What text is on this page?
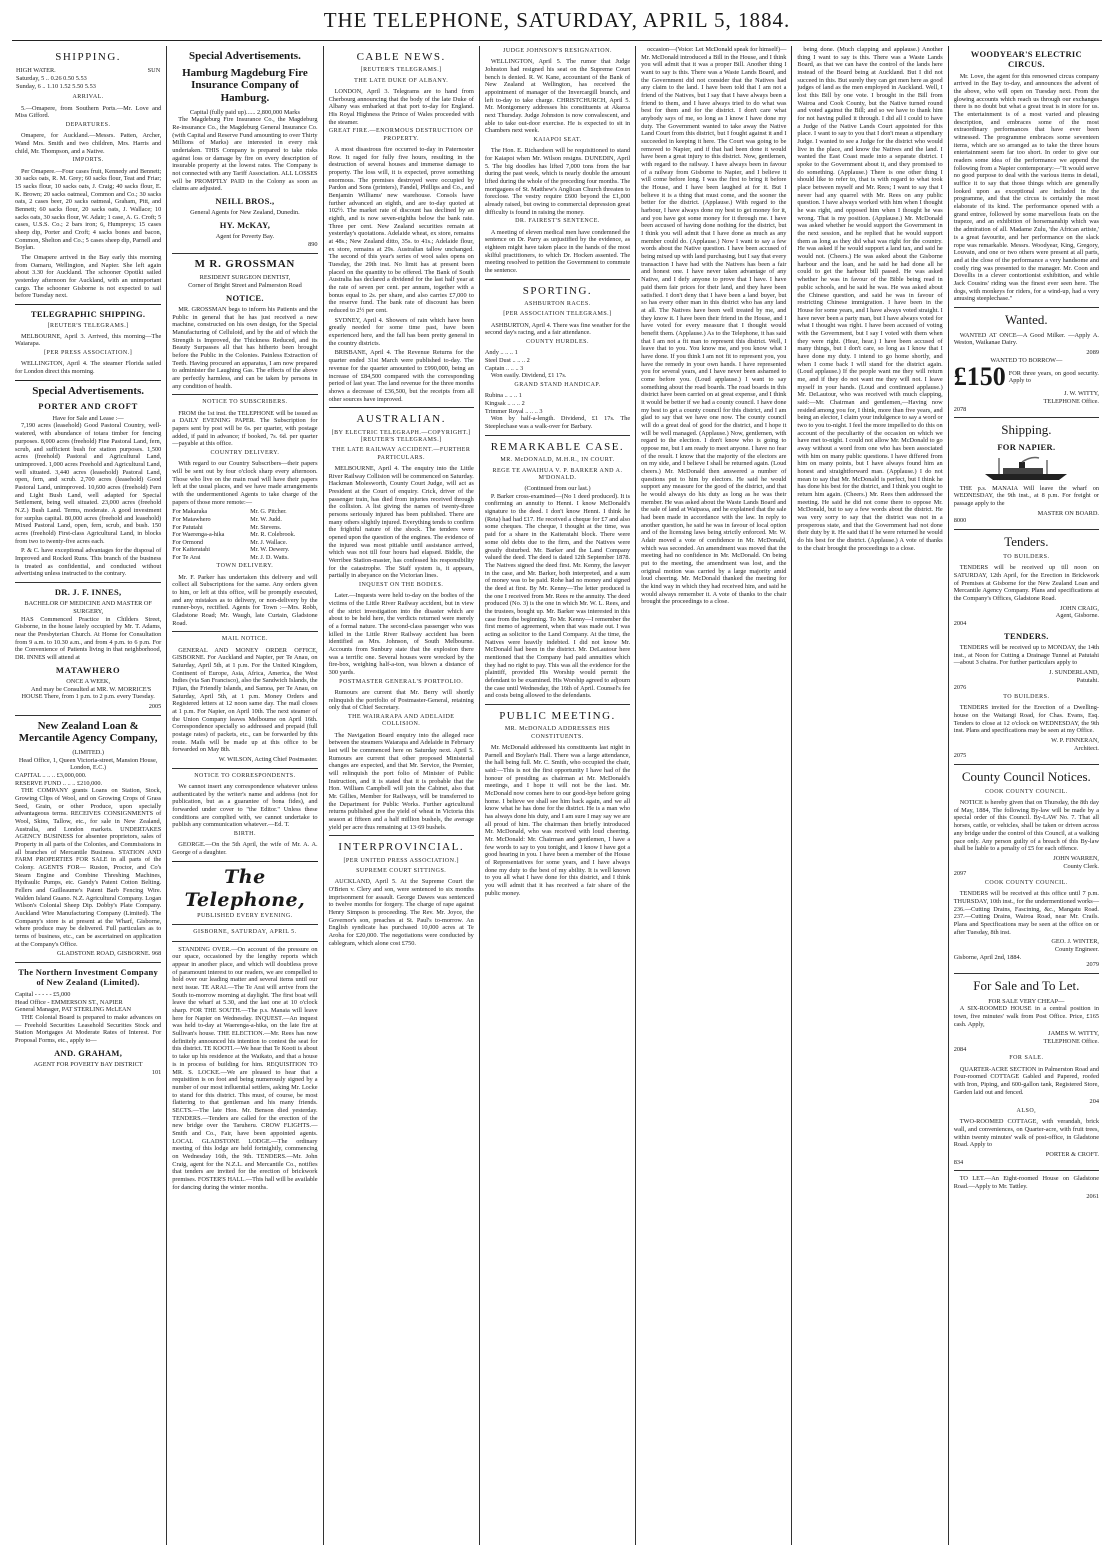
THE TELEPHONE, SATURDAY, APRIL 5, 1884.
SHIPPING.
HIGH WATER.	SUN
Saturday, 5 .. 0.26 0.50 5.53
Sunday, 6 .. 1.10 1.52 5.50 5.53
ARRIVAL.

5.—Omapere, from Southern Ports.—Mr. Love and Miss Gifford.

DEPARTURES.

Omapere, for Auckland.—Messrs. Patten, Archer, Wand Mrs. Smith and two children, Mrs. Harris and child, Mr. Thompson, and a Native.

IMPORTS.

Per Omapere.—Four cases fruit, Kennedy and Bennett; 30 sacks oats, R. M. Grey; 60 sacks flour, Teat and Friar; 15 sacks flour, 10 sacks oats, J. Craig; 40 sacks flour, E. K. Brown; 20 sacks oatmeal, Common and Co.; 30 sacks oats, 2 cases beer, 20 sacks oatmeal, Graham, Pitt, and Bennett; 60 sacks flour, 20 sacks oats, J. Wallace; 10 sacks oats, 30 sacks flour, W. Adair; 1 case, A. G. Croft; 5 cases, U.S.S. Co.; 2 bars iron; 6, Humpreys; 15 cases sheep dip, Porter and Croft; 4 sacks bones and bacon, Common, Shelton and Co.; 5 cases sheep dip, Parnell and Boylan.

The Omapere arrived in the Bay early this morning from Oamaru, Wellington, and Napier. She left again about 3.30 for Auckland. The schooner Opotiki sailed yesterday afternoon for Auckland, with an unimportant cargo. The schooner Gisborne is not expected to sail before Tuesday next.

TELEGRAPHIC SHIPPING.
[REUTER'S TELEGRAMS.]

MELBOURNE, April 3. Arrived, this morning—The Waiarapa.

[PER PRESS ASSOCIATION.]

WELLINGTON, April 4. The steamer Florida sailed for London direct this morning.

Special Advertisements.
PORTER AND CROFT
Have for Sale and Lease :—

7,190 acres (leasehold) Good Pastoral Country, well-watered, with abundance of totara timber for fencing purposes. 8,000 acres (freehold) Fine Pastoral Land, fern, scrub, and sufficient bush for station purposes. 1,500 acres (freehold) Pastoral and Agricultural Land, unimproved. 1,000 acres Freehold and Agricultural Land, well situated. 3,440 acres (leasehold) Pastoral Land, open, fern, and scrub. 2,700 acres (leasehold) Good Pastoral Land, unimproved. 10,600 acres (freehold) Fern and Light Bush Land, well adapted for Special Settlement, being well situated. 23,000 acres (freehold N.Z.) Bush Land. Terms, moderate. A good investment for surplus capital. 80,000 acres (freehold and leasehold) Mixed Pastoral Land, open, fern, scrub, and bush. 150 acres (freehold) First-class Agricultural Land, in blocks from two to twenty-five acres each.

P. & C. have exceptional advantages for the disposal of Improved and Rocked Runs. This branch of the business is treated as confidential, and conducted without advertising unless instructed to the contrary.

DR. J. F. INNES,
BACHELOR OF MEDICINE AND MASTER OF SURGERY,

HAS Commenced Practice in Childers Street, Gisborne, in the house lately occupied by Mr. T. Adams, near the Presbyterian Church. At Home for Consultation from 9 a.m. to 10.30 a.m., and from 4 p.m. to 6 p.m. For the Convenience of Patients living in that neighborhood, DR. INNES will attend at

MATAWHERO
ONCE A WEEK,

And may be Consulted at MR. W. MORRICE'S HOUSE There, from 1 p.m. to 2 p.m. every Tuesday.

2005
New Zealand Loan & Mercantile Agency Company,
(LIMITED.)
Head Office, 1, Queen Victoria-street, Mansion House, London, E.C.)
CAPITAL .. .. .. £3,000,000.
RESERVE FUND .. .. .. £210,000.

THE COMPANY grants Loans on Station, Stock, Growing Clips of Wool, and on Growing Crops of Grass Seed, Grain, or other Produce, upon specially advantageous terms. RECEIVES CONSIGNMENTS of Wool, Skins, Tallow, etc., for sale in New Zealand, Australia, and London markets. UNDERTAKES AGENCY BUSINESS for absentee proprietors, sales of Property in all parts of the Colonies, and Commissions in all branches of Mercantile Business. STATION AND FARM PROPERTIES FOR SALE in all parts of the Colony. AGENTS FOR— Ruston, Proctor, and Co's Steam Engine and Combine Threshing Machines, Hydraulic Pumps, etc. Gandy's Patent Cotton Belting. Fellers and Guilleaume's Patent Barb Fencing Wire. Walden Island Guano. N.Z. Agricultural Company. Logan Wilson's Colonial Sheep Dip. Dobby's Plate Company. Auckland Wire Manufacturing Company (Limited). The Company's store is at present at the Wharf, Gisborne, where produce may be delivered. Full particulars as to terms of business, etc., can be ascertained on application at the Company's Office.

GLADSTONE ROAD, GISBORNE. 968
The Northern Investment Company of New Zealand (Limited).
Capital - - - - - £5,000
Head Office - EMMERSON ST., NAPIER
General Manager, PAT STERLING McLEAN

THE Colonial Board is prepared to make advances on— Freehold Securities Leasehold Securities Stock and Station Mortgages At Moderate Rates of Interest. For Proposal Forms, etc., apply to—

AND. GRAHAM,
AGENT FOR POVERTY BAY DISTRICT
101
Special Advertisements.
Hamburg Magdeburg Fire Insurance Company of Hamburg.
Capital (fully paid up)...... 2,800,000 Marks

The Magdeburg Fire Insurance Co., the Magdeburg Re-insurance Co., the Magdeburg General Insurance Co. (with Capital and Reserve Fund amounting to over Thirty Millions of Marks) are interested in every risk undertaken. THIS Company is prepared to take risks against loss or damage by fire on every description of insurable property at the lowest rates. The Company is not connected with any Tariff Association. ALL LOSSES will be PROMPTLY PAID in the Colony as soon as claims are adjusted.

NEILL BROS.,
General Agents for New Zealand, Dunedin.
HY. McKAY,
Agent for Poverty Bay.
890
M R. GROSSMAN
RESIDENT SURGEON DENTIST,
Corner of Bright Street and Palmerston Road
NOTICE.

MR. GROSSMAN begs to inform his Patients and the Public in general that he has just received a new machine, constructed on his own design, for the Special Manufacturing of Celluloid, and by the aid of which the Strength is Improved, the Thickness Reduced, and its Beauty Surpasses all that has hitherto been brought before the Public in the Colonies. Painless Extraction of Teeth. Having procured an apparatus, I am now prepared to administer the Laughing Gas. The effects of the above are perfectly harmless, and can be taken by persons in any condition of health.

NOTICE TO SUBSCRIBERS.

FROM the 1st inst. the TELEPHONE will be issued as a DAILY EVENING PAPER. The Subscription for papers sent by post will be 6s. per quarter, with postage added, if paid in advance; if booked, 7s. 6d. per quarter—payable at this office.

COUNTRY DELIVERY.

With regard to our Country Subscribers—their papers will be sent out by four o'clock sharp every afternoon. Those who live on the main road will have their papers left at the usual places, and we have made arrangements with the undermentioned Agents to take charge of the papers of those more remote:—

For Makaraka	Mr. G. Pitcher.
For Matawhero	Mr. W. Judd.
For Patutahi	Mr. Stevens.
For Waerenga-a-hika	Mr. R. Colebrook.
For Ormond	Mr. J. Wallace.
For Kaiteratahi	Mr. W. Dewery.
For Te Arai	Mr. J. D. Watts.
TOWN DELIVERY.

Mr. F. Parker has undertaken this delivery and will collect all Subscriptions for the same. Any orders given to him, or left at this office, will be promptly executed, and any mistakes as to delivery, or non-delivery by the runner-boys, rectified. Agents for Town :—Mrs. Robb, Gladstone Road; Mr. Waugh, late Curtain, Gladstone Road.

MAIL NOTICE.

GENERAL AND MONEY ORDER OFFICE, GISBORNE. For Auckland and Napier, per Te Anau, on Saturday, April 5th, at 1 p.m. For the United Kingdom, Continent of Europe, Asia, Africa, America, the West Indies (via San Francisco), also the Sandwich Islands, the Fijian, the Friendly Islands, and Samoa, per Te Anau, on Saturday, April 5th, at 1 p.m. Money Orders and Registered letters at 12 noon same day. The mail closes at 1 p.m. For Napier, on April 10th. The next steamer of the Union Company leaves Melbourne on April 16th. Correspondence specially so addressed and prepaid (full postage rates) of packets, etc., can be forwarded by this route. Mails will be made up at this office to be forwarded on May 8th.

W. WILSON, Acting Chief Postmaster.
NOTICE TO CORRESPONDENTS.

We cannot insert any correspondence whatever unless authenticated by the writer's name and address (not for publication, but as a guarantee of bona fides), and forwarded under cover to "the Editor." Unless these conditions are complied with, we cannot undertake to publish any communication whatever.—Ed. T.

BIRTH.

GEORGE.—On the 5th April, the wife of Mr. A. A. George of a daughter.

The Telephone,
PUBLISHED EVERY EVENING.
GISBORNE, SATURDAY, APRIL 5.

STANDING OVER.—On account of the pressure on our space, occasioned by the lengthy reports which appear in another place, and which will doubtless prove of paramount interest to our readers, we are compelled to hold over our leading matter and several items until our next issue. TE ARAI.—The Te Arai will arrive from the South to-morrow morning at daylight. The first boat will leave the wharf at 5.30, and the last one at 10 o'clock sharp. FOR THE SOUTH.—The p.s. Manaia will leave here for Napier on Wednesday. INQUEST.—An inquest was held to-day at Waerenga-a-hika, on the late fire at Sullivan's house. THE ELECTION.—Mr. Rees has now definitely announced his intention to contest the seat for this district. TE KOOTI.—We hear that Te Kooti is about to take up his residence at the Waikato, and that a house is in process of building for him. REQUISITION TO MR. S. LOCKE.—We are pleased to hear that a requisition is on foot and being numerously signed by a number of our most influential settlers, asking Mr. Locke to stand for this district. This must, of course, be most flattering to that gentleman and his many friends. SECTS.—The late Hon. Mr. Benson died yesterday. TENDERS.—Tenders are called for the erection of the new bridge over the Taruheru. CROW FLIGHTS.—Smith and Co., Fair, have been appointed agents. LOCAL GLADSTONE LODGE.—The ordinary meeting of this lodge are held fortnightly, commencing on Wednesday 16th, the 9th. TENDERS.—Mr. John Craig, agent for the N.Z.L. and Mercantile Co., notifies that tenders are invited for the erection of brickwork premises. FOSTER'S HALL.—This hall will be available for dancing during the winter months.

CABLE NEWS.
[REUTER'S TELEGRAMS.]
THE LATE DUKE OF ALBANY.

LONDON, April 3. Telegrams are to hand from Cherbourg announcing that the body of the late Duke of Albany was embarked at that port to-day for England. His Royal Highness the Prince of Wales proceeded with the steamer.

GREAT FIRE.—ENORMOUS DESTRUCTION OF PROPERTY.

A most disastrous fire occurred to-day in Paternoster Row. It raged for fully five hours, resulting in the destruction of several houses and immense damage to property. The loss will, it is expected, prove something enormous. The premises destroyed were occupied by Pardon and Sons (printers), Fandel, Phillips and Co., and Benjamin Williams' new warehouse. Consols have further advanced an eighth, and are to-day quoted at 102½. The market rate of discount has declined by an eighth, and is now seven-eighths below the bank rate. Three per cent. New Zealand securities remain at yesterday's quotations. Adelaide wheat, ex store, remains at 48s.; New Zealand ditto, 35s. to 41s.; Adelaide flour, ex store, remains at 29s. Australian tallow unchanged. The second of this year's series of wool sales opens on Tuesday, the 29th inst. No limit has at present been placed on the quantity to be offered. The Bank of South Australia has declared a dividend for the last half year at the rate of seven per cent. per annum, together with a bonus equal to 2s. per share, and also carries £7,000 to the reserve fund. The bank rate of discount has been reduced to 2½ per cent.

SYDNEY, April 4. Showers of rain which have been greatly needed for some time past, have been experienced here, and the fall has been pretty general in the country districts.

BRISBANE, April 4. The Revenue Returns for the quarter ended 31st March were published to-day. The revenue for the quarter amounted to £990,000, being an increase of £84,500 compared with the corresponding period of last year. The land revenue for the three months shows a decrease of £36,500, but the receipts from all other sources have improved.

AUSTRALIAN.
[BY ELECTRIC TELEGRAPH.—COPYRIGHT.] [REUTER'S TELEGRAMS.]
THE LATE RAILWAY ACCIDENT.—FURTHER PARTICULARS.

MELBOURNE, April 4. The enquiry into the Little River Railway Collision will be commenced on Saturday. Hackman Molesworth, County Court Judge, will act as President at the Court of enquiry. Crick, driver of the passenger train, has died from injuries received through the collision. A list giving the names of twenty-three persons seriously injured has been published. There are many others slightly injured. Everything tends to confirm the frightful nature of the shock. The tenders were opened upon the question of the engines. The evidence of the injured was most pitiable until assistance arrived, which was not till four hours had elapsed. Biddle, the Werribee Station-master, has confessed his responsibility for the catastrophe. The Staff system is, it appears, partially in abeyance on the Victorian lines.

INQUEST ON THE BODIES.

Later.—Inquests were held to-day on the bodies of the victims of the Little River Railway accident, but in view of the strict investigation into the disaster which are about to be held here, the verdicts returned were merely of a formal nature. The second-class passenger who was killed in the Little River Railway accident has been identified as Mrs. Johnson, of South Melbourne. Accounts from Sunbury state that the explosion there was a terrific one. Several houses were wrecked by the fire-box, weighing half-a-ton, was blown a distance of 300 yards.

POSTMASTER GENERAL'S PORTFOLIO.

Rumours are current that Mr. Berry will shortly relinquish the portfolio of Postmaster-General, retaining only that of Chief Secretary.

THE WAIRARAPA AND ADELAIDE COLLISION.

The Navigation Board enquiry into the alleged race between the steamers Waiarapa and Adelaide in February last will be commenced here on Saturday next. April 5. Rumours are current that other proposed Ministerial changes are expected, and that Mr. Service, the Premier, will relinquish the port folio of Minister of Public Instruction, and it is stated that it is probable that the Hon. William Campbell will join the Cabinet, also that Mr. Gillies, Member for Railways, will be transferred to the Department for Public Works. Further agricultural returns published give the yield of wheat in Victoria this season at fifteen and a half million bushels, the average yield per acre thus remaining at 13·69 bushels.

INTERPROVINCIAL.
[PER UNITED PRESS ASSOCIATION.]
SUPREME COURT SITTINGS.

AUCKLAND, April 5. At the Supreme Court the O'Brien v. Clery and son, were sentenced to six months imprisonment for assault. George Dawes was sentenced to twelve months for forgery. The charge of rape against Henry Simpson is proceeding. The Rev. Mr. Joyce, the Governor's son, preaches at St. Paul's to-morrow. An English syndicate has purchased 10,000 acres at Te Aroha for £20,000. The negotiations were conducted by cablegram, which alone cost £750.

JUDGE JOHNSON'S RESIGNATION.

WELLINGTON, April 5. The rumor that Judge Johnston had resigned his seat on the Supreme Court bench is denied. R. W. Kane, accountant of the Bank of New Zealand at Wellington, has received the appointment of manager of the Invercargill branch, and left to-day to take charge. CHRISTCHURCH, April 5. Mr. Montgomery addresses his constituents at Akaroa next Thursday. Judge Johnston is now convalescent, and able to take out-door exercise. He is expected to sit in Chambers next week.

KAIAPOI SEAT.

The Hon. E. Richardson will be requisitioned to stand for Kaiapoi when Mr. Wilson resigns. DUNEDIN, April 5. The big doodles has lifted 7,000 tons from the bar during the past week, which is nearly double the amount lifted during the whole of the preceding four months. The mortgagees of St. Matthew's Anglican Church threaten to foreclose. The vestry require £600 beyond the £1,000 already raised, but owing to commercial depression great difficulty is found in raising the money.

DR. FAIREST'S SENTENCE.

A meeting of eleven medical men have condemned the sentence on Dr. Parry as unjustified by the evidence, as eighteen might have taken place in the hands of the most skilful practitioners, to which Dr. Hocken assented. The meeting resolved to petition the Government to commute the sentence.

SPORTING.
ASHBURTON RACES.
[PER ASSOCIATION TELEGRAMS.]

ASHBURTON, April 4. There was fine weather for the second day's racing, and a fair attendance.

COUNTY HURDLES.
Andy .. .. .. 1
Steel Dust .. .. .. 2
Captain .. .. .. 3

Won easily. Dividend, £1 17s.

GRAND STAND HANDICAP.
Rubina .. .. .. 1
Kingsak .. .. .. 2
Trimmer Royal .. .. .. 3

Won by half-a-length. Dividend, £1 17s. The Steeplechase was a walk-over for Barbary.

REMARKABLE CASE.
MR. McDONALD, M.H.R., IN COURT.
REGE TE AWAIHUA V. P. BARKER AND A. M'DONALD.
(Continued from our last.)

P. Barker cross-examined—(No 1 deed produced). It is confirming an annuity to Henni. I know McDonald's signature to the deed. I don't know Henni. I think he (Reta) had had £17. He received a cheque for £7 and also some cheques. The cheque, I thought at the time, was paid for a share in the Kaiteratahi block. There were some old debts due to the firm, and the Natives were greatly disturbed. Mr. Barker and the Land Company valued the deed. The deed is dated 12th September 1878. The Natives signed the deed first. Mr. Kenny, the lawyer in the case, and Mr. Barker, both interpreted, and a sum of money was to be paid. Rohe had no money and signed the deed at first. By Mr. Kenny—The letter produced is the one I received from Mr. Rees re the annuity. The deed produced (No. 3) is the one in which Mr. W. L. Rees, and the trustees, bought up. Mr. Barker was interested in this case from the beginning. To Mr. Kenny—I remember the first memo of agreement, when that was made out. I was acting as solicitor to the Land Company. At the time, the Natives were heavily indebted. I did not know Mr. McDonald had been in the district. Mr. DeLautour here mentioned that the Company had paid annuities which they had no right to pay. This was all the evidence for the plaintiff, provided His Worship would permit the defendant to be examined. His Worship agreed to adjourn the case until Wednesday, the 16th of April. Counsel's fee and costs being allowed to the defendants.

PUBLIC MEETING.
MR. McDONALD ADDRESSES HIS CONSTITUENTS.

Mr. McDonald addressed his constituents last night in Parnell and Boylan's Hall. There was a large attendance, the hall being full. Mr. C. Smith, who occupied the chair, said:—This is not the first opportunity I have had of the honour of presiding as chairman at Mr. McDonald's meetings, and I hope it will not be the last. Mr. McDonald now comes here to our good-bye before going home. I believe we shall see him back again, and we all know what he has done for the district. He is a man who has always done his duty, and I am sure I may say we are all proud of him. The chairman then briefly introduced Mr. McDonald, who was received with loud cheering. Mr. McDonald: Mr. Chairman and gentlemen, I have a few words to say to you tonight, and I know I have got a good hearing in you. I have been a member of the House of Representatives for some years, and I have always done my duty to the best of my ability. It is well known to you all what I have done for this district, and I think you will admit that it has received a fair share of the public money.

occasion—(Voice: Let McDonald speak for himself)—Mr. McDonald introduced a Bill in the House, and I think you will admit that it was a proper Bill. Another thing I want to say is this. There was a Waste Lands Board, and the Government did not consider that the Natives had any claim to the land. I have been told that I am not a friend of the Natives, but I say that I have always been a friend to them, and I have always tried to do what was best for them and for the district. I don't care what anybody says of me, so long as I know I have done my duty. The Government wanted to take away the Native Land Court from this district, but I fought against it and I succeeded in keeping it here. The Court was going to be removed to Napier, and if that had been done it would have been a great injury to this district. Now, gentlemen, with regard to the railway. I have always been in favour of a railway from Gisborne to Napier, and I believe it will come before long. I was the first to bring it before the House, and I have been laughed at for it. But I believe it is a thing that must come, and the sooner the better for the district. (Applause.) With regard to the harbour, I have always done my best to get money for it, and you have got some money for it through me. I have been accused of having done nothing for the district, but I think you will admit that I have done as much as any member could do. (Applause.) Now I want to say a few words about the Native question. I have been accused of being mixed up with land purchasing, but I say that every transaction I have had with the Natives has been a fair and honest one. I have never taken advantage of any Native, and I defy anyone to prove that I have. I have paid them fair prices for their land, and they have been satisfied. I don't deny that I have been a land buyer, but so has every other man in this district who has any land at all. The Natives have been well treated by me, and they know it. I have been their friend in the House, and I have voted for every measure that I thought would benefit them. (Applause.) As to the Telephone, it has said that I am not a fit man to represent this district. Well, I leave that to you. You know me, and you know what I have done. If you think I am not fit to represent you, you have the remedy in your own hands. I have represented you for several years, and I have never been ashamed to come before you. (Loud applause.) I want to say something about the road boards. The road boards in this district have been carried on at great expense, and I think it would be better if we had a county council. I have done my best to get a county council for this district, and I am glad to say that we have one now. The county council will do a great deal of good for the district, and I hope it will be well managed. (Applause.) Now, gentlemen, with regard to the election. I don't know who is going to oppose me, but I am ready to meet anyone. I have no fear of the result. I know that the majority of the electors are on my side, and I believe I shall be returned again. (Loud cheers.) Mr. McDonald then answered a number of questions put to him by electors. He said he would support any measure for the good of the district, and that he would always do his duty as long as he was their member. He was asked about the Waste Lands Board and the sale of land at Waipaoa, and he explained that the sale had been made in accordance with the law. In reply to another question, he said he was in favour of local option and of the licensing laws being strictly enforced. Mr. W. Adair moved a vote of confidence in Mr. McDonald, which was seconded. An amendment was moved that the meeting had no confidence in Mr. McDonald. On being put to the meeting, the amendment was lost, and the original motion was carried by a large majority amid loud cheering. Mr. McDonald thanked the meeting for the kind way in which they had received him, and said he would always remember it. A vote of thanks to the chair brought the proceedings to a close.

being done. (Much clapping and applause.) Another thing I want to say is this. There was a Waste Lands Board, as that we can have the control of the lands here instead of the Board being at Auckland. But I did not succeed in this. But surely they can get men here as good judges of land as the men employed in Auckland. Well, I lost this Bill by one vote. I brought in the Bill from Wairoa and Cook County, but the Native turned round and voted against the Bill; and so we have to thank him for not having pulled it through. I did all I could to have a Judge of the Native Lands Court appointed for this place. I want to say to you that I don't mean a stipendiary Judge. I wanted to see a Judge for the district who would live in the place, and know the Natives and the land. I wanted the East Coast made into a separate district. I spoke to the Government about it, and they promised to do something. (Applause.) There is one other thing I should like to refer to, that is with regard to what took place between myself and Mr. Rees; I want to say that I never had any quarrel with Mr. Rees on any public question. I have always worked with him when I thought he was right, and opposed him when I thought he was wrong. That is my position. (Applause.) Mr. McDonald was asked whether he would support the Government in the next session, and he replied that he would support them as long as they did what was right for the country. He was asked if he would support a land tax, and said he would not. (Cheers.) He was asked about the Gisborne harbour and the loan, and he said he had done all he could to get the harbour bill passed. He was asked whether he was in favour of the Bible being read in public schools, and he said he was. He was asked about the Chinese question, and said he was in favour of restricting Chinese immigration. I have been in the House for some years, and I have always voted straight. I have never been a party man, but I have always voted for what I thought was right. I have been accused of voting with the Government, but I say I voted with them when they were right. (Hear, hear.) I have been accused of many things, but I don't care, so long as I know that I have done my duty. I intend to go home shortly, and when I come back I will stand for the district again. (Loud applause.) If the people want me they will return me, and if they do not want me they will not. I leave myself in your hands. (Loud and continued applause.) Mr. DeLautour, who was received with much clapping, said:—Mr. Chairman and gentlemen,—Having now resided among you for, I think, more than five years, and being an elector, I claim your indulgence to say a word or two to you to-night. I feel the more impelled to do this on account of the peculiarity of the occasion on which we have met to-night. I could not allow Mr. McDonald to go away without a word from one who has been associated with him on many public questions. I have differed from him on many points, but I have always found him an honest and straightforward man. (Applause.) I do not mean to say that Mr. McDonald is perfect, but I think he has done his best for the district, and I think you ought to return him again. (Cheers.) Mr. Rees then addressed the meeting. He said he did not come there to oppose Mr. McDonald, but to say a few words about the district. He was very sorry to say that the district was not in a prosperous state, and that the Government had not done their duty by it. He said that if he were returned he would do his best for the district. (Applause.) A vote of thanks to the chair brought the proceedings to a close.

WOODYEAR'S ELECTRIC CIRCUS.

Mr. Love, the agent for this renowned circus company arrived in the Bay to-day, and announces the advent of the above, who will open on Tuesday next. From the glowing accounts which reach us through our exchanges there is no doubt but what a great treat is in store for us. The entertainment is of a most varied and pleasing description, and embraces some of the most extraordinary performances that have ever been witnessed. The programme embraces some seventeen items, which are so arranged as to take the three hours entertainment seem far too short. In order to give our readers some idea of the performance we append the following from a Napier contemporary:—"It would serve no good purpose to deal with the various items in detail, suffice it to say that those things which are generally looked upon as exceptional are included in the programme, and that the circus is certainly the most elaborate of its kind. The performance opened with a grand entree, followed by some marvellous feats on the trapeze, and an exhibition of horsemanship which was the admiration of all. Madame Zulu, 'the African artiste,' is a great favourite, and her performance on the slack rope was remarkable. Messrs. Woodyear, King, Gregory, Louvain, and one or two others were present at all parts, and at the close of the performance a very handsome and costly ring was presented to the manager. Mr. Coon and Dovellis in a clever contortionist exhibition, and while Jack Cousins' riding was the finest ever seen here. The dogs, with monkeys for riders, for a wind-up, had a very amusing steeplechase."

Wanted.

WANTED AT ONCE—A Good Milker. —Apply A. Weston, Waikanae Dairy.

2089
WANTED TO BORROW—
£150 FOR three years, on good security. Apply to
J. W. WITTY,
TELEPHONE Office.
2078
Shipping.
FOR NAPIER.

THE p.s. MANAIA Will leave the wharf on WEDNESDAY, the 9th inst., at 8 p.m. For freight or passage apply to the

MASTER ON BOARD.
8000
Tenders.
TO BUILDERS.

TENDERS will be received up till noon on SATURDAY, 12th April, for the Erection in Brickwork of Premises at Gisborne for the New Zealand Loan and Mercantile Agency Company. Plans and specifications at the Company's Offices, Gladstone Road.

JOHN CRAIG,
Agent, Gisborne.
2004
TENDERS.

TENDERS will be received up to MONDAY, the 14th inst., at Noon for Cutting a Drainage Tunnel at Patutahi—about 3 chains. For further particulars apply to

J. SUNDERLAND,
Patutahi.
2076
TO BUILDERS.

TENDERS invited for the Erection of a Dwelling-house on the Waitangi Road, for Chas. Evans, Esq. Tenders to close at 12 o'clock on WEDNESDAY, the 9th inst. Plans and specifications may be seen at my Office.

W. P. FINNERAN,
Architect.
2075
County Council Notices.
COOK COUNTY COUNCIL.

NOTICE is hereby given that on Thursday, the 8th day of May, 1884, The following By-law will be made by a special order of this Council. By-LAW No. 7. That all horses, cattle, or vehicles, shall be taken or driven across any bridge under the control of this Council, at a walking pace only. Any person guilty of a breach of this By-law shall be liable to a penalty of £5 for each offence.

JOHN WARREN,
County Clerk.
2097
COOK COUNTY COUNCIL.

TENDERS will be received at this office until 7 p.m. THURSDAY, 10th inst., for the undermentioned works— 236.—Cutting Drains, Fascining, &c., Mangatu Road. 237.—Cutting Drains, Wairoa Road, near Mr. Crails. Plans and Specifications may be seen at the office on or after Tuesday, 8th inst.

GEO. J. WINTER,
County Engineer.
Gisborne, April 2nd, 1884.
2079
For Sale and To Let.
FOR SALE VERY CHEAP—

A SIX-ROOMED HOUSE in a central position in town, five minutes' walk from Post Office. Price, £165 cash. Apply,

JAMES W. WITTY,
TELEPHONE Office.
2084
FOR SALE.

QUARTER-ACRE SECTION in Palmerston Road and Four-roomed COTTAGE Gabled and Papered, roofed with Iron, Piping, and 600-gallon tank, Registered Store, Garden laid out and fenced.

204
ALSO,

TWO-ROOMED COTTAGE, with verandah, brick wall, and conveniences, on Quarter-acre, with fruit trees, within twenty minutes' walk of post-office, in Gladstone Road. Apply to

PORTER & CROFT.
834

TO LET.—An Eight-roomed House on Gladstone Road.—Apply to Mr. Tattley.

2061
